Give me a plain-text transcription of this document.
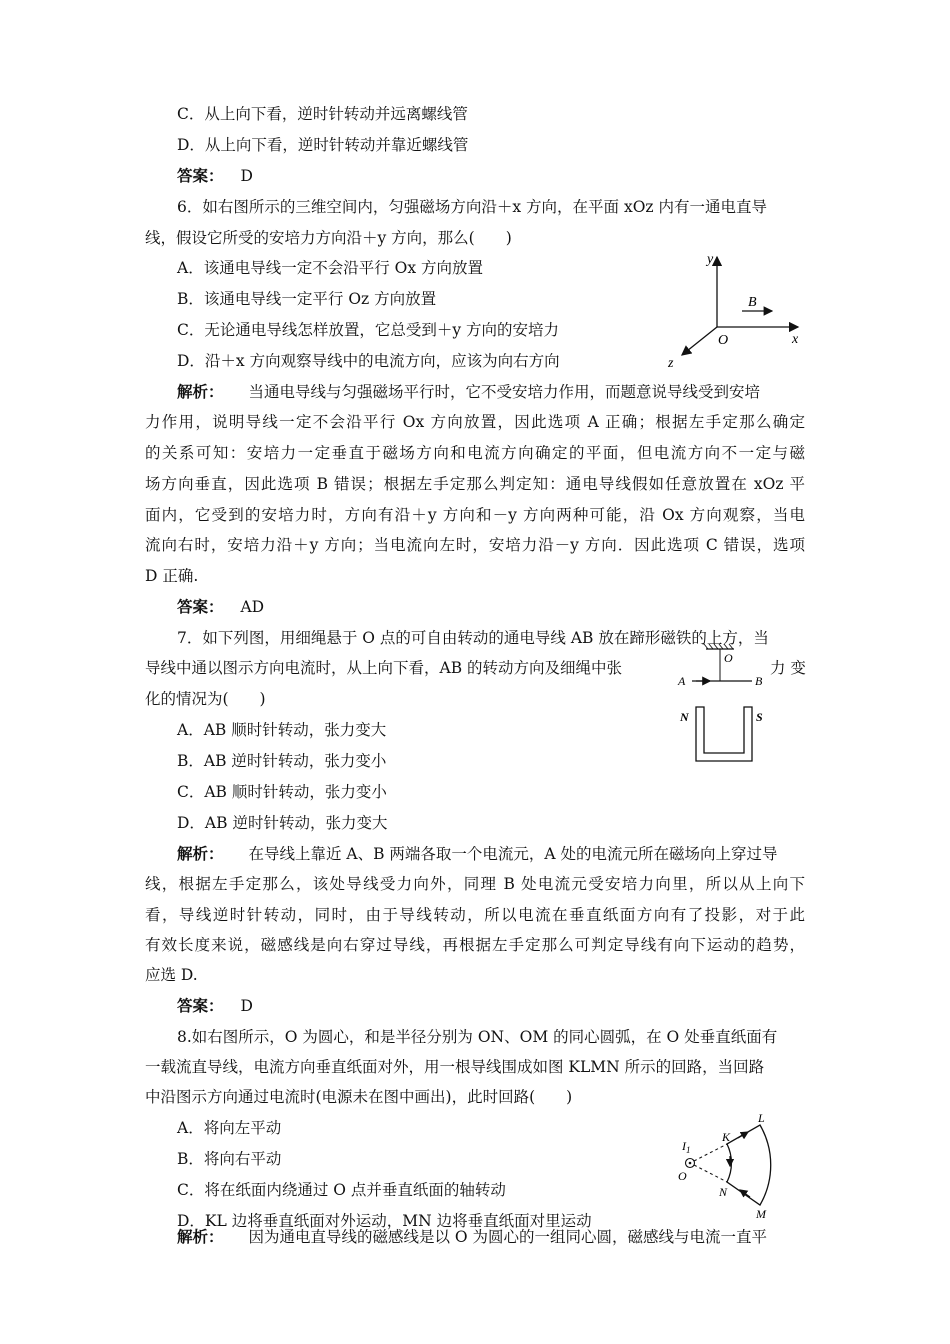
C．从上向下看，逆时针转动并远离螺线管
D．从上向下看，逆时针转动并靠近螺线管
答案： D
6．如右图所示的三维空间内，匀强磁场方向沿＋x 方向，在平面 xOz 内有一通电直导
线，假设它所受的安培力方向沿＋y 方向，那么(　　)
A．该通电导线一定不会沿平行 Ox 方向放置
B．该通电导线一定平行 Oz 方向放置
C．无论通电导线怎样放置，它总受到＋y 方向的安培力
D．沿＋x 方向观察导线中的电流方向，应该为向右方向
y
x
z
O
B
解析： 当通电导线与匀强磁场平行时，它不受安培力作用，而题意说导线受到安培
力作用，说明导线一定不会沿平行 Ox 方向放置，因此选项 A 正确；根据左手定那么确定
的关系可知：安培力一定垂直于磁场方向和电流方向确定的平面，但电流方向不一定与磁
场方向垂直，因此选项 B 错误；根据左手定那么判定知：通电导线假如任意放置在 xOz 平
面内，它受到的安培力时，方向有沿＋y 方向和－y 方向两种可能，沿 Ox 方向观察，当电
流向右时，安培力沿＋y 方向；当电流向左时，安培力沿－y 方向．因此选项 C 错误，选项
D 正确.
答案： AD
7．如下列图，用细绳悬于 O 点的可自由转动的通电导线 AB 放在蹄形磁铁的上方，当
导线中通以图示方向电流时，从上向下看，AB 的转动方向及细绳中张	力 变
化的情况为(　　)
A．AB 顺时针转动，张力变大
B．AB 逆时针转动，张力变小
C．AB 顺时针转动，张力变小
D．AB 逆时针转动，张力变大
O
A	B
N	S
解析： 在导线上靠近 A、B 两端各取一个电流元，A 处的电流元所在磁场向上穿过导
线，根据左手定那么，该处导线受力向外，同理 B 处电流元受安培力向里，所以从上向下
看，导线逆时针转动，同时，由于导线转动，所以电流在垂直纸面方向有了投影，对于此
有效长度来说，磁感线是向右穿过导线，再根据左手定那么可判定导线有向下运动的趋势，
应选 D.
答案： D
8.如右图所示，O 为圆心，和是半径分别为 ON、OM 的同心圆弧，在 O 处垂直纸面有
一载流直导线，电流方向垂直纸面对外，用一根导线围成如图 KLMN 所示的回路，当回路
中沿图示方向通过电流时(电源未在图中画出)，此时回路(　　)
A．将向左平动
B．将向右平动
C．将在纸面内绕通过 O 点并垂直纸面的轴转动
D．KL 边将垂直纸面对外运动，MN 边将垂直纸面对里运动
$I_1$
O
K
L
M
N
解析： 因为通电直导线的磁感线是以 O 为圆心的一组同心圆，磁感线与电流一直平
